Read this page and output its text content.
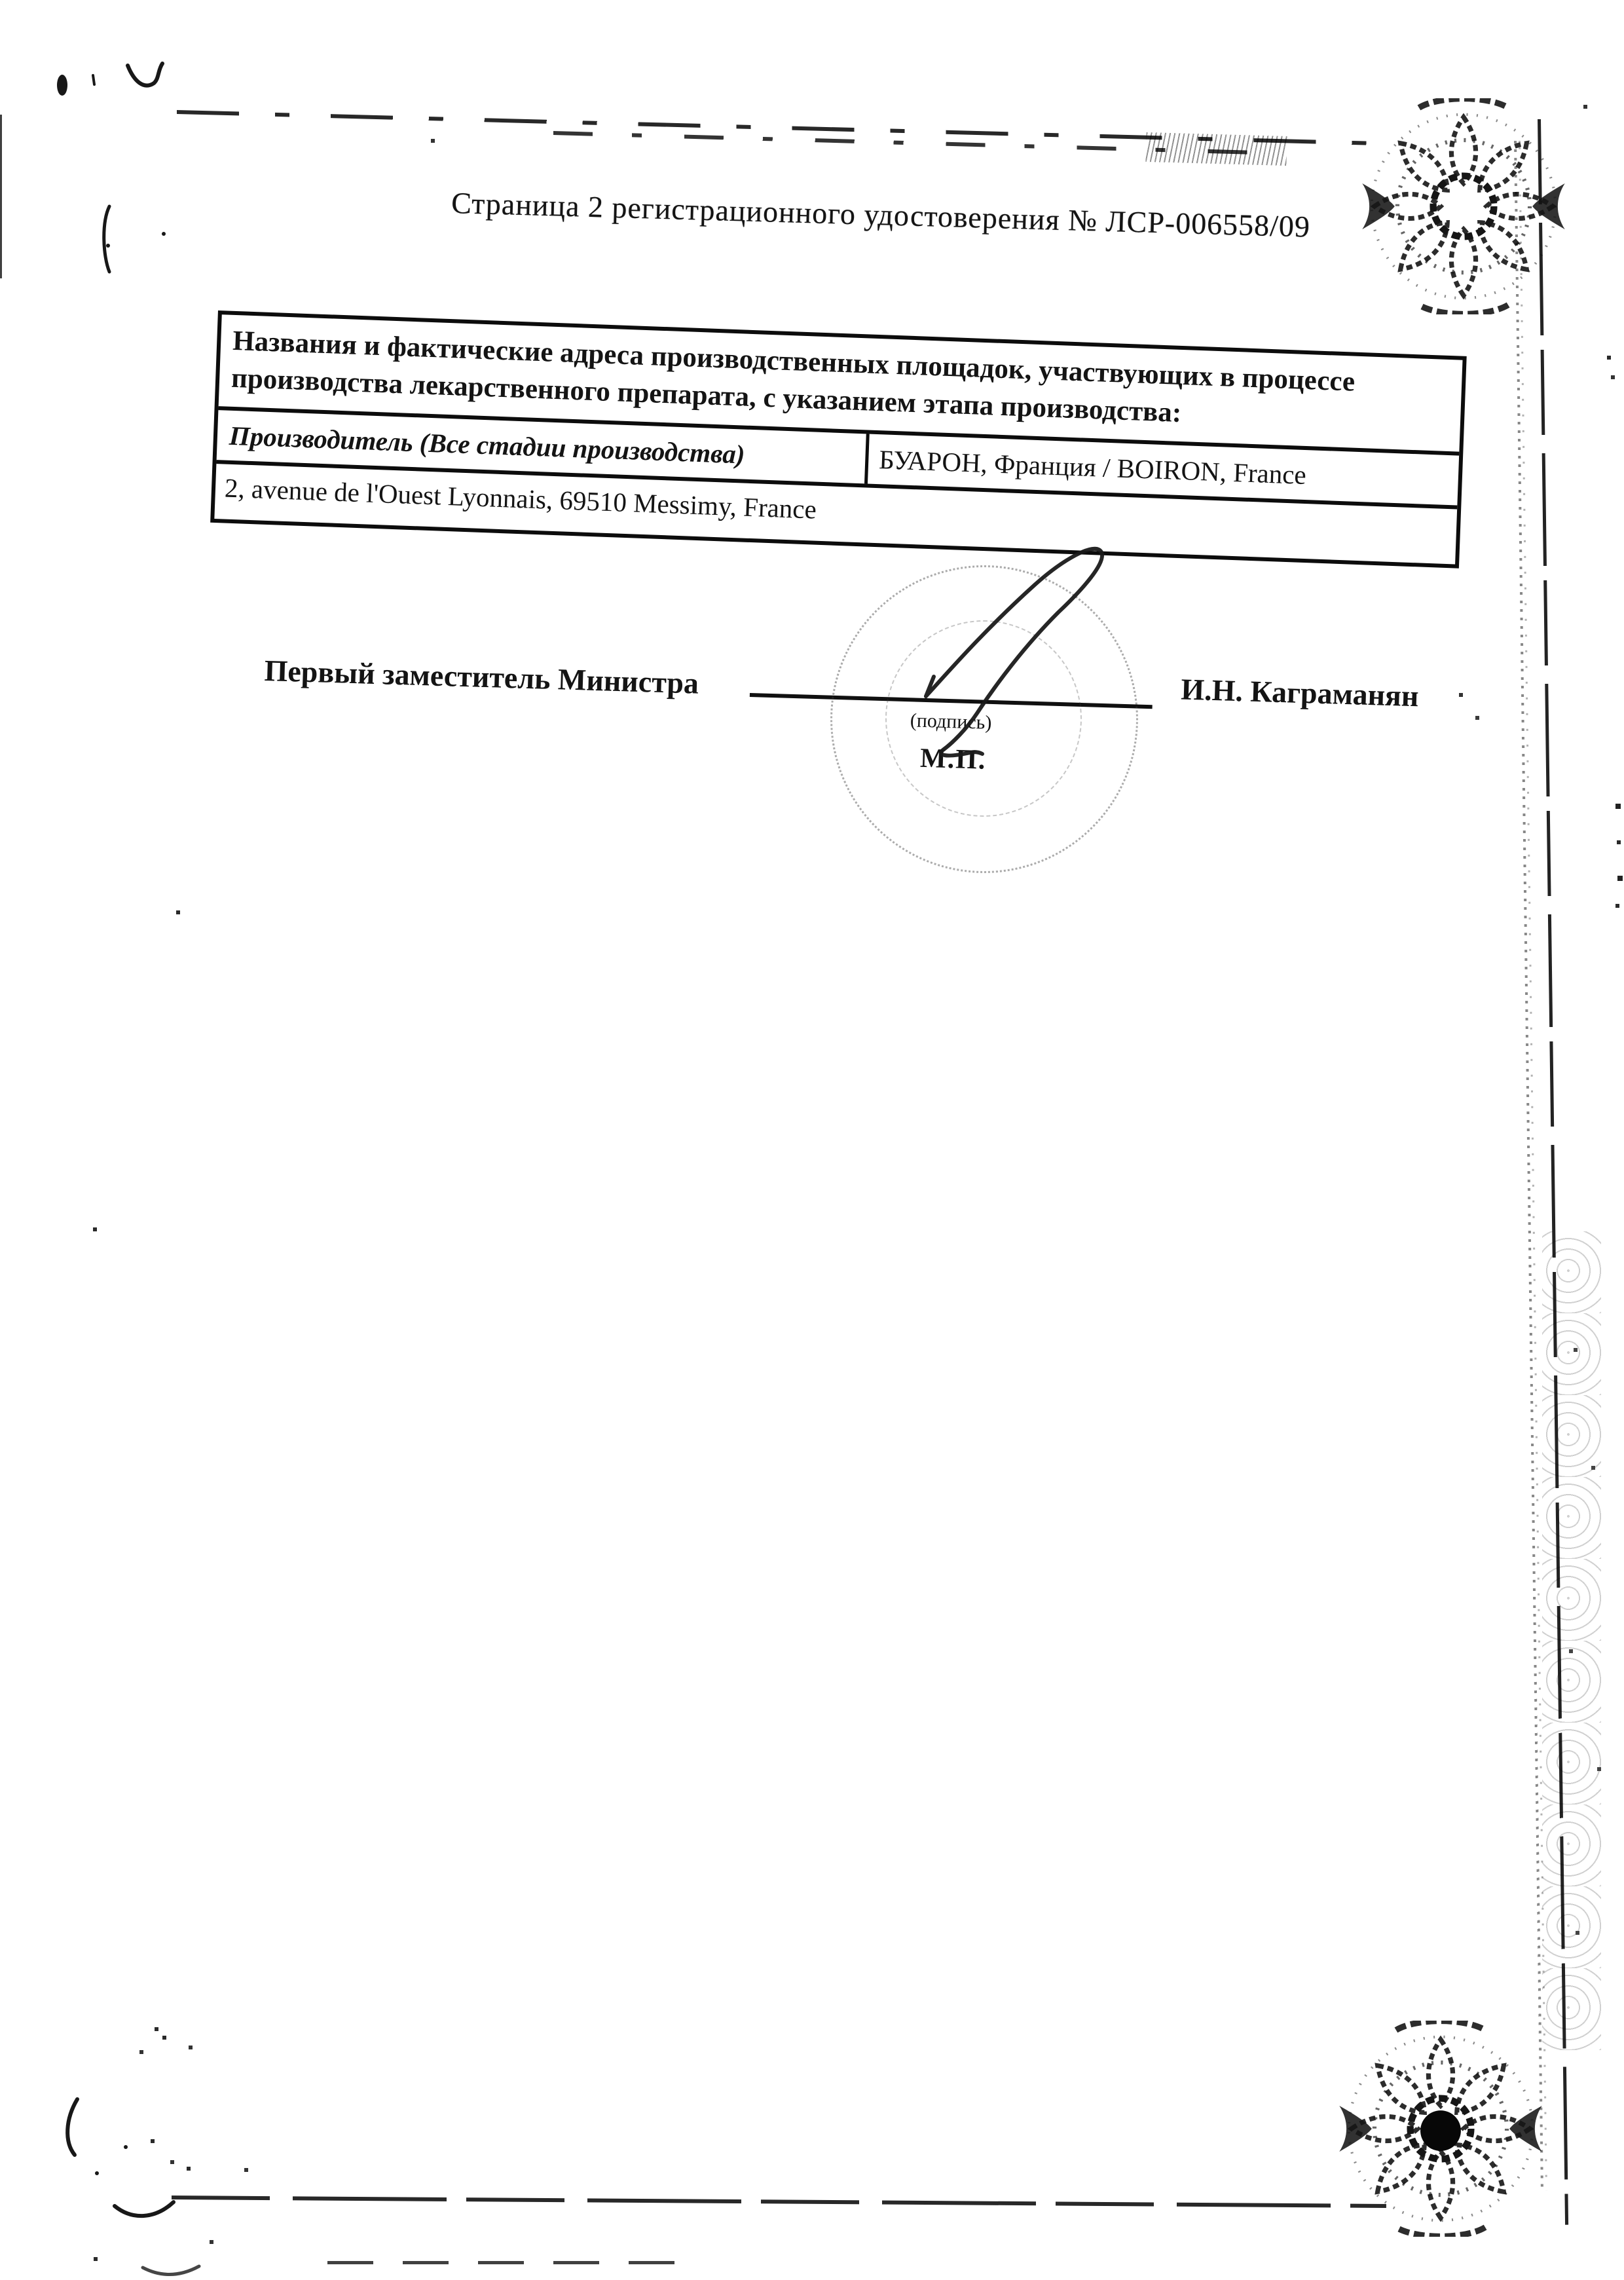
Страница 2 регистрационного удостоверения № ЛСР-006558/09
Названия и фактические адреса производственных площадок, участвующих в процессе производства лекарственного препарата, с указанием этапа производства:
Производитель (Все стадии производства)	БУАРОН, Франция / BOIRON, France
2, avenue de l'Ouest Lyonnais, 69510 Messimy, France
Первый заместитель Министра
(подпись)
М.П.
И.Н. Каграманян
